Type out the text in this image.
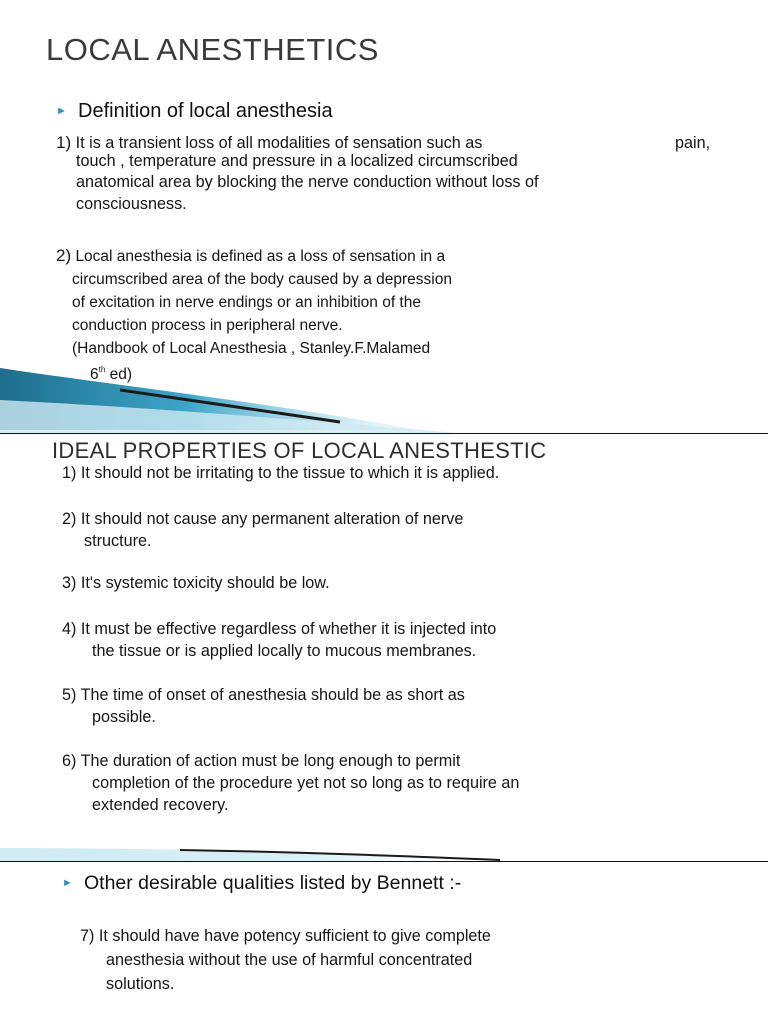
LOCAL ANESTHETICS
► Definition of local anesthesia
1) It is a transient loss of all modalities of sensation such as	pain,
touch , temperature and pressure in a localized circumscribed
anatomical area by blocking the nerve conduction without loss of
consciousness.
2) Local anesthesia is defined as a loss of sensation in a
circumscribed area of the body caused by a depression
of excitation in nerve endings or an inhibition of the
conduction process in peripheral nerve.
(Handbook of Local Anesthesia , Stanley.F.Malamed
6th ed)
IDEAL PROPERTIES OF LOCAL ANESTHESTIC
1) It should not be irritating to the tissue to which it is applied.
2) It should not cause any permanent alteration of nerve
structure.
3) It's systemic toxicity should be low.
4) It must be effective regardless of whether it is injected into
the tissue or is applied locally to mucous membranes.
5) The time of onset of anesthesia should be as short as
possible.
6) The duration of action must be long enough to permit
completion of the procedure yet not so long as to require an
extended recovery.
► Other desirable qualities listed by Bennett :-
7) It should have have potency sufficient to give complete
anesthesia without the use of harmful concentrated
solutions.
